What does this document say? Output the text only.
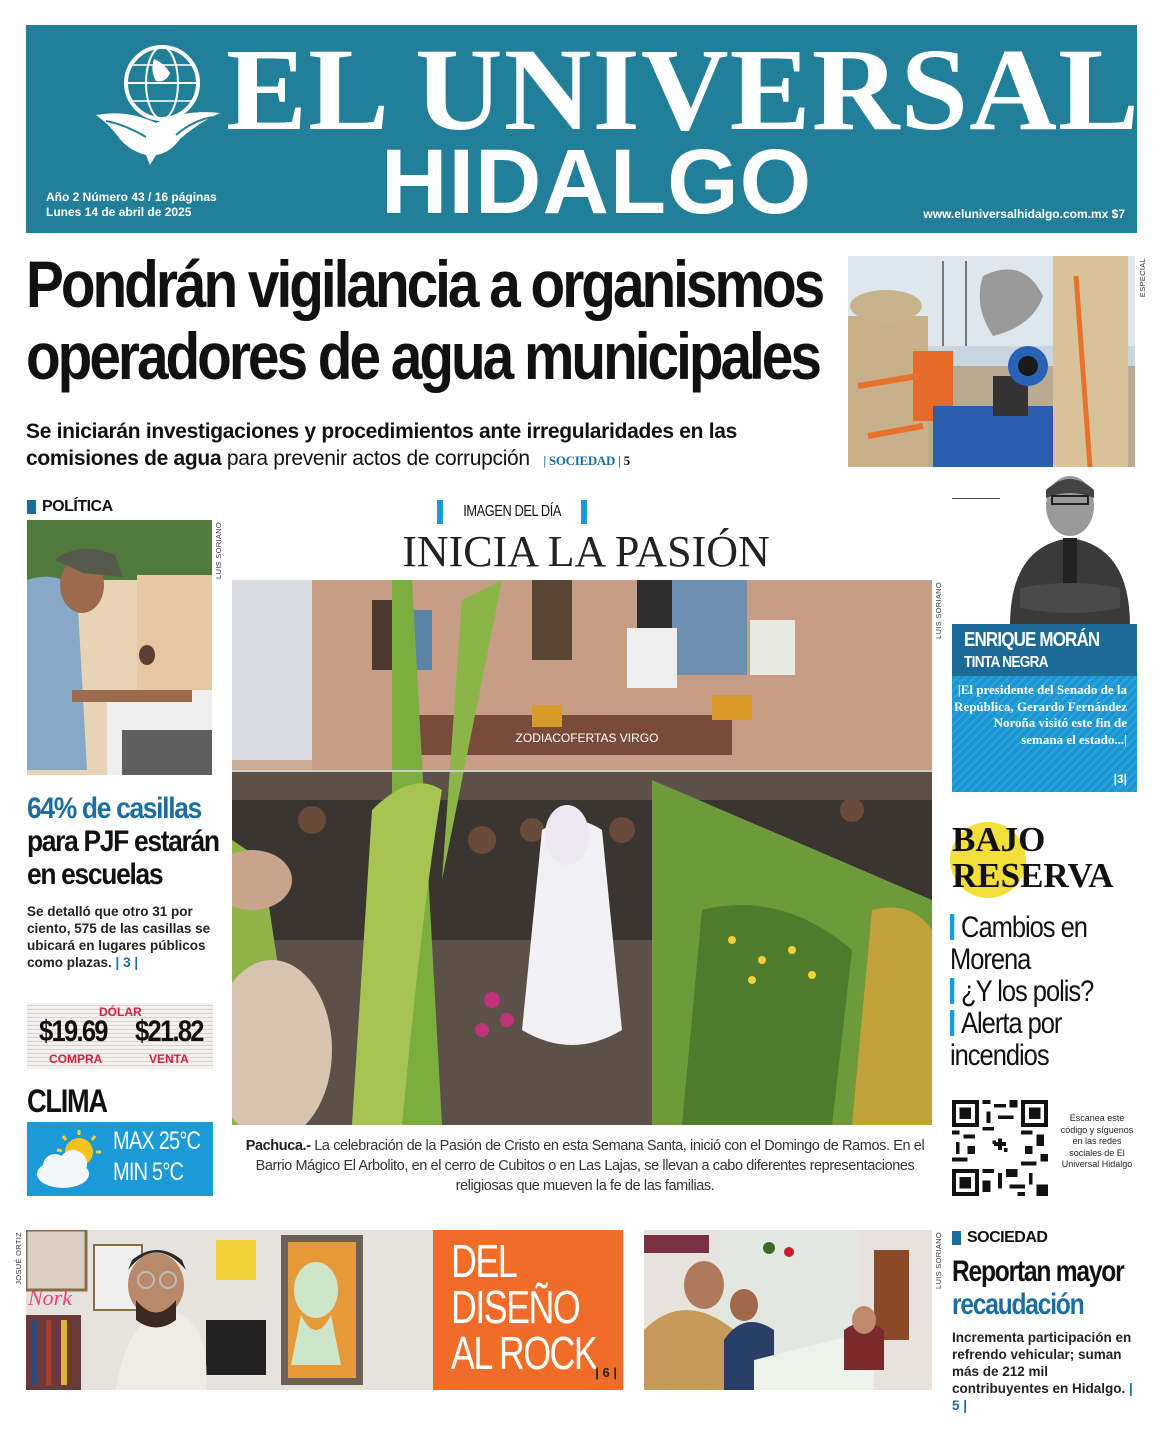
EL UNIVERSAL
HIDALGO
Año 2 Número 43 / 16 páginas
Lunes 14 de abril de 2025	www.eluniversalhidalgo.com.mx $7
Pondrán vigilancia a organismos
operadores de agua municipales
Se iniciarán investigaciones y procedimientos ante irregularidades en las comisiones de agua para prevenir actos de corrupción | SOCIEDAD | 5
ESPECIAL
POLÍTICA
LUIS SORIANO
64% de casillas
para PJF estarán en escuelas
Se detalló que otro 31 por ciento, 575 de las casillas se ubicará en lugares públicos como plazas. | 3 |
DÓLAR
$19.69 $21.82
COMPRA	VENTA
CLIMA
MAX 25°C
MIN 5°C
IMAGEN DEL DÍA
INICIA LA PASIÓN
ZODIACOFERTAS VIRGO
LUIS SORIANO
Pachuca.- La celebración de la Pasión de Cristo en esta Semana Santa, inició con el Domingo de Ramos. En el Barrio Mágico El Arbolito, en el cerro de Cubitos o en Las Lajas, se llevan a cabo diferentes representaciones religiosas que mueven la fe de las familias.
ENRIQUE MORÁN
TINTA NEGRA
|El presidente del Senado de la República, Gerardo Fernández Noroña visitó este fin de semana el estado...|
|3|
BAJO
RESERVA
Cambios en Morena
¿Y los polis?
Alerta por incendios
Escanea este código y síguenos en las redes sociales de El Universal Hidalgo
JOSUÉ ORTIZ
Nork
DEL
DISEÑO
AL ROCK
| 6 |
LUIS SORIANO SOCIEDAD
Reportan mayor
recaudación
Incrementa participación en refrendo vehicular; suman más de 212 mil contribuyentes en Hidalgo. | 5 |
